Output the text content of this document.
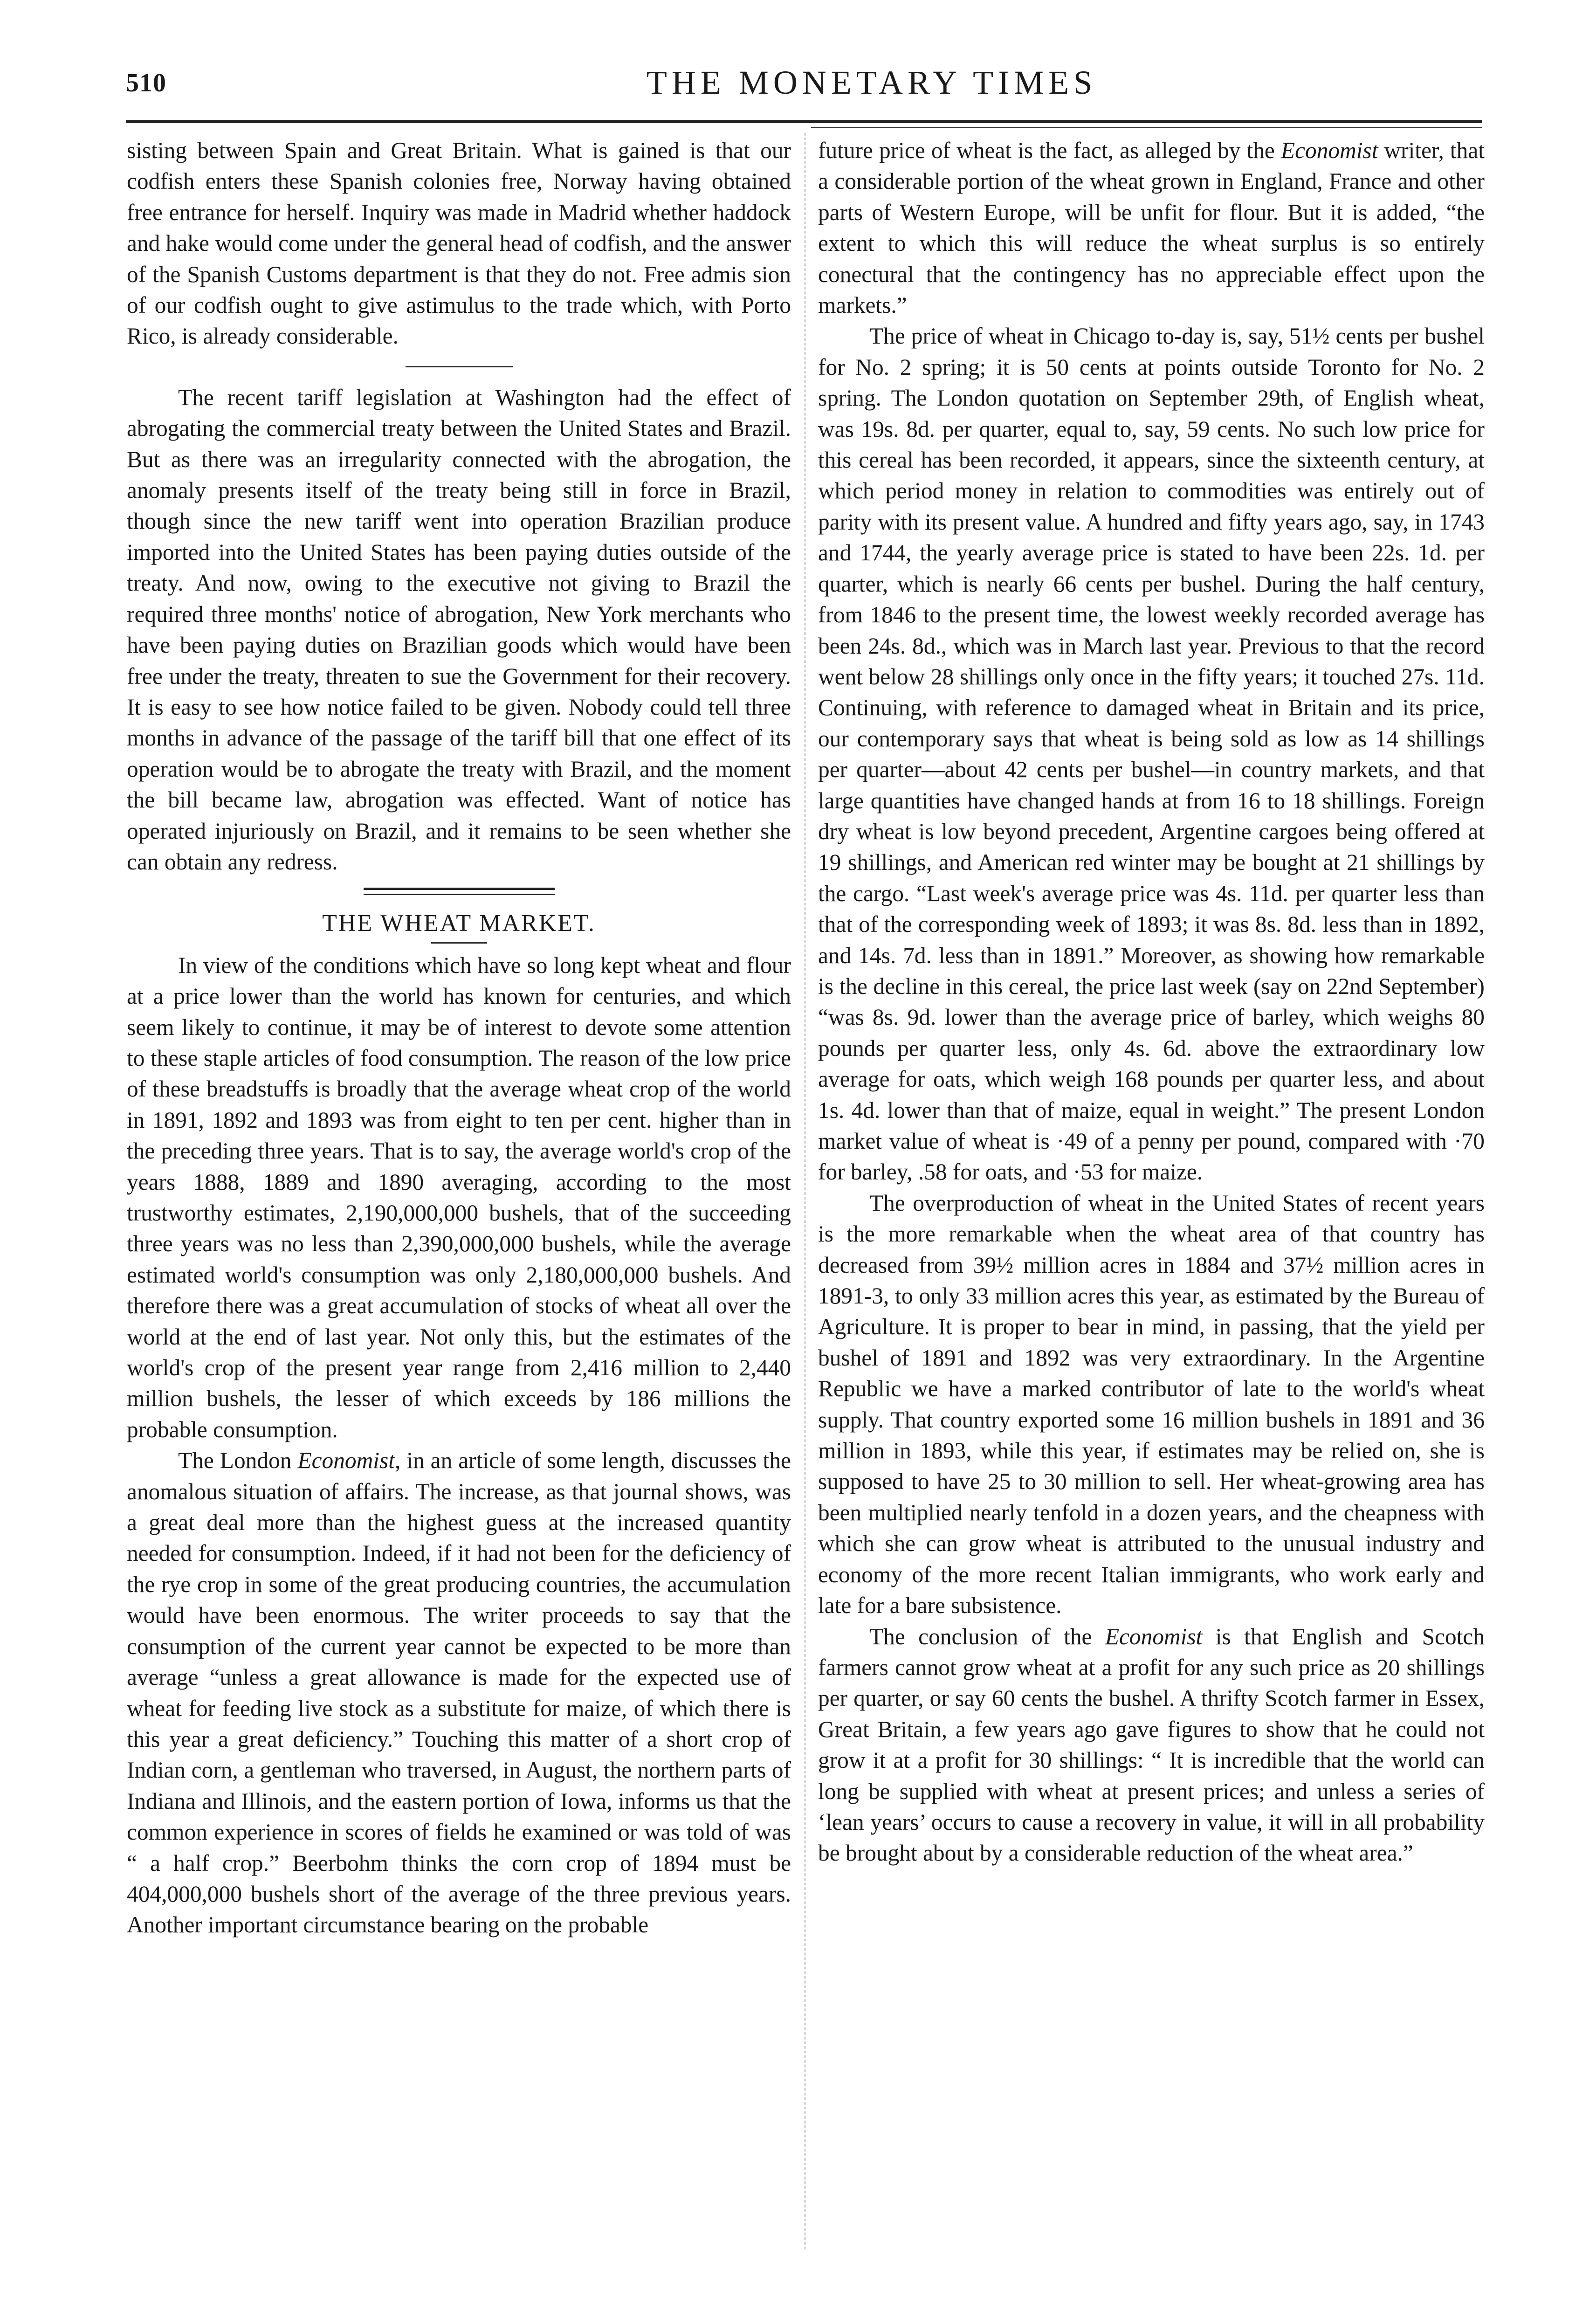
510	THE MONETARY TIMES

sisting between Spain and Great Britain. What is gained is that our codfish enters these Spanish colonies free, Norway having obtained free entrance for herself. Inquiry was made in Madrid whether haddock and hake would come under the general head of codfish, and the answer of the Spanish Customs department is that they do not. Free admis sion of our codfish ought to give astimulus to the trade which, with Porto Rico, is already considerable.

The recent tariff legislation at Washington had the effect of abrogating the commercial treaty between the United States and Brazil. But as there was an irregularity connected with the abrogation, the anomaly presents itself of the treaty being still in force in Brazil, though since the new tariff went into operation Brazilian produce imported into the United States has been paying duties outside of the treaty. And now, owing to the executive not giving to Brazil the required three months' notice of abrogation, New York merchants who have been paying duties on Brazilian goods which would have been free under the treaty, threaten to sue the Government for their recovery. It is easy to see how notice failed to be given. Nobody could tell three months in advance of the passage of the tariff bill that one effect of its operation would be to abrogate the treaty with Brazil, and the moment the bill became law, abrogation was effected. Want of notice has operated injuriously on Brazil, and it remains to be seen whether she can obtain any redress.

THE WHEAT MARKET.

In view of the conditions which have so long kept wheat and flour at a price lower than the world has known for centuries, and which seem likely to continue, it may be of interest to devote some attention to these staple articles of food consumption. The reason of the low price of these breadstuffs is broadly that the average wheat crop of the world in 1891, 1892 and 1893 was from eight to ten per cent. higher than in the preceding three years. That is to say, the average world's crop of the years 1888, 1889 and 1890 averaging, according to the most trustworthy estimates, 2,190,000,000 bushels, that of the succeeding three years was no less than 2,390,000,000 bushels, while the average estimated world's consumption was only 2,180,000,000 bushels. And therefore there was a great accumulation of stocks of wheat all over the world at the end of last year. Not only this, but the estimates of the world's crop of the present year range from 2,416 million to 2,440 million bushels, the lesser of which exceeds by 186 millions the probable consumption.

The London Economist, in an article of some length, discusses the anomalous situation of affairs. The increase, as that journal shows, was a great deal more than the highest guess at the increased quantity needed for consumption. Indeed, if it had not been for the deficiency of the rye crop in some of the great producing countries, the accumulation would have been enormous. The writer proceeds to say that the consumption of the current year cannot be expected to be more than average “unless a great allowance is made for the expected use of wheat for feeding live stock as a substitute for maize, of which there is this year a great deficiency.” Touching this matter of a short crop of Indian corn, a gentleman who traversed, in August, the northern parts of Indiana and Illinois, and the eastern portion of Iowa, informs us that the common experience in scores of fields he examined or was told of was “ a half crop.” Beerbohm thinks the corn crop of 1894 must be 404,000,000 bushels short of the average of the three previous years. Another important circumstance bearing on the probable

future price of wheat is the fact, as alleged by the Economist writer, that a considerable portion of the wheat grown in England, France and other parts of Western Europe, will be unfit for flour. But it is added, “the extent to which this will reduce the wheat surplus is so entirely conectural that the contingency has no appreciable effect upon the markets.”

The price of wheat in Chicago to-day is, say, 51½ cents per bushel for No. 2 spring; it is 50 cents at points outside Toronto for No. 2 spring. The London quotation on September 29th, of English wheat, was 19s. 8d. per quarter, equal to, say, 59 cents. No such low price for this cereal has been recorded, it appears, since the sixteenth century, at which period money in relation to commodities was entirely out of parity with its present value. A hundred and fifty years ago, say, in 1743 and 1744, the yearly average price is stated to have been 22s. 1d. per quarter, which is nearly 66 cents per bushel. During the half century, from 1846 to the present time, the lowest weekly recorded average has been 24s. 8d., which was in March last year. Previous to that the record went below 28 shillings only once in the fifty years; it touched 27s. 11d. Continuing, with reference to damaged wheat in Britain and its price, our contemporary says that wheat is being sold as low as 14 shillings per quarter—about 42 cents per bushel—in country markets, and that large quantities have changed hands at from 16 to 18 shillings. Foreign dry wheat is low beyond precedent, Argentine cargoes being offered at 19 shillings, and American red winter may be bought at 21 shillings by the cargo. “Last week's average price was 4s. 11d. per quarter less than that of the corresponding week of 1893; it was 8s. 8d. less than in 1892, and 14s. 7d. less than in 1891.” Moreover, as showing how remarkable is the decline in this cereal, the price last week (say on 22nd September) “was 8s. 9d. lower than the average price of barley, which weighs 80 pounds per quarter less, only 4s. 6d. above the extraordinary low average for oats, which weigh 168 pounds per quarter less, and about 1s. 4d. lower than that of maize, equal in weight.” The present London market value of wheat is ·49 of a penny per pound, compared with ·70 for barley, .58 for oats, and ·53 for maize.

The overproduction of wheat in the United States of recent years is the more remarkable when the wheat area of that country has decreased from 39½ million acres in 1884 and 37½ million acres in 1891-3, to only 33 million acres this year, as estimated by the Bureau of Agriculture. It is proper to bear in mind, in passing, that the yield per bushel of 1891 and 1892 was very extraordinary. In the Argentine Republic we have a marked contributor of late to the world's wheat supply. That country exported some 16 million bushels in 1891 and 36 million in 1893, while this year, if estimates may be relied on, she is supposed to have 25 to 30 million to sell. Her wheat-growing area has been multiplied nearly tenfold in a dozen years, and the cheapness with which she can grow wheat is attributed to the unusual industry and economy of the more recent Italian immigrants, who work early and late for a bare subsistence.

The conclusion of the Economist is that English and Scotch farmers cannot grow wheat at a profit for any such price as 20 shillings per quarter, or say 60 cents the bushel. A thrifty Scotch farmer in Essex, Great Britain, a few years ago gave figures to show that he could not grow it at a profit for 30 shillings: “ It is incredible that the world can long be supplied with wheat at present prices; and unless a series of ‘lean years’ occurs to cause a recovery in value, it will in all probability be brought about by a considerable reduction of the wheat area.”
